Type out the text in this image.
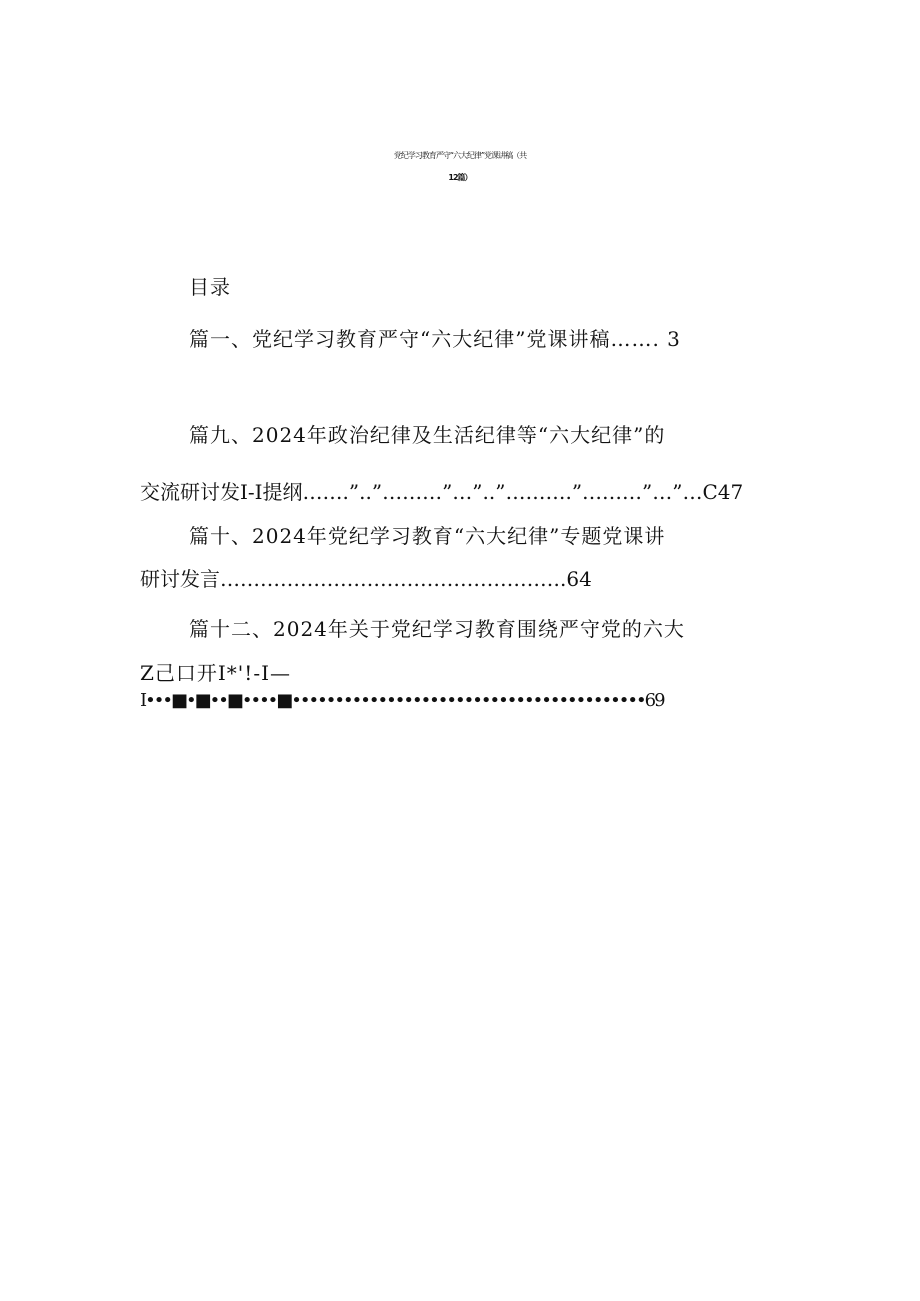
党纪学习教育严守“六大纪律”党课讲稿（共
12篇）
目录
篇一、党纪学习教育严守“六大纪律”党课讲稿……. 3
篇九、2024年政治纪律及生活纪律等“六大纪律”的
交流研讨发I-I提纲…….”..”………”…”..”……….”………”…”…C47
篇十、2024年党纪学习教育“六大纪律”专题党课讲
研讨发言…………………………………………….64
篇十二、2024年关于党纪学习教育围绕严守党的六大
Z己口开I*'!-I—
I•••■•■••■••••■•••••••••••••••••••••••••••••••••••••••••69
